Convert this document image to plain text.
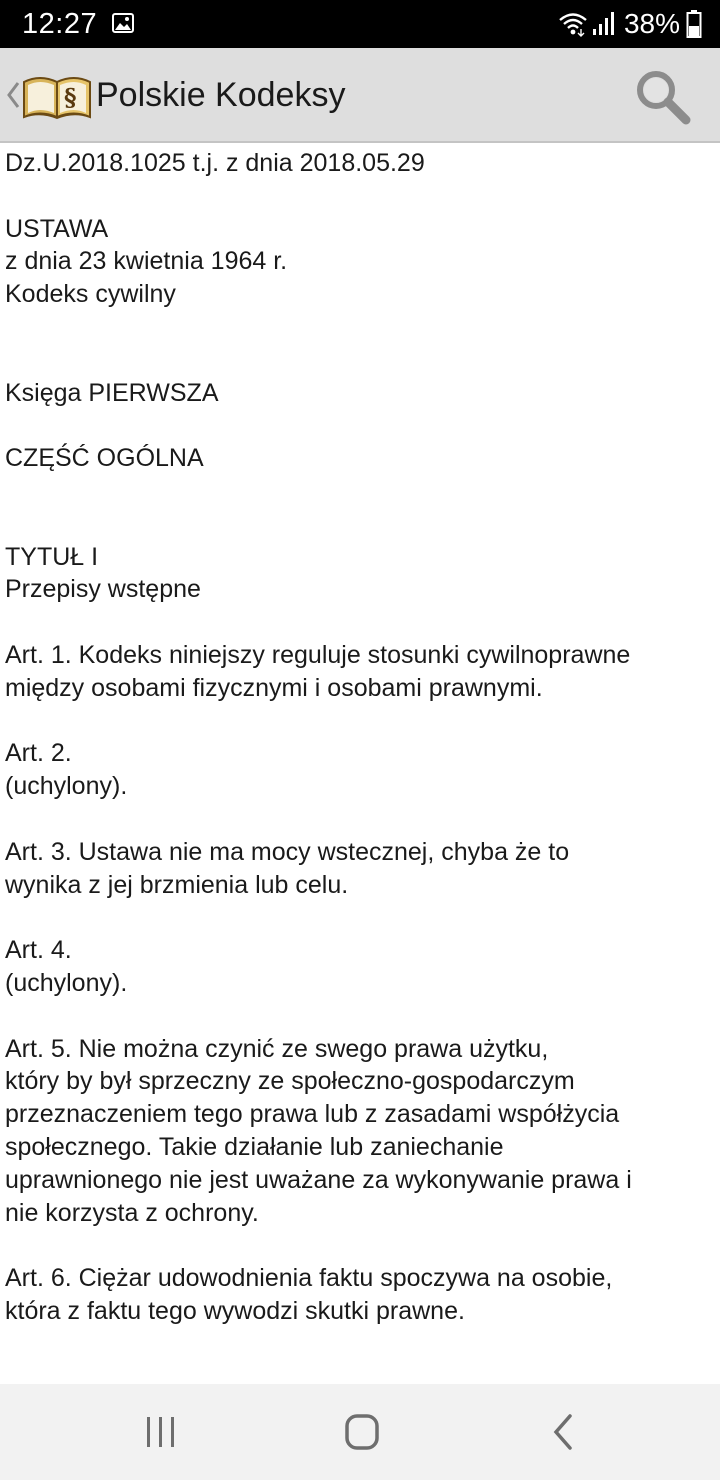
12:27	38%
§ Polskie Kodeksy

Dz.U.2018.1025 t.j. z dnia 2018.05.29

USTAWA

z dnia 23 kwietnia 1964 r.

Kodeks cywilny

Księga PIERWSZA

CZĘŚĆ OGÓLNA

TYTUŁ I

Przepisy wstępne

Art. 1. Kodeks niniejszy reguluje stosunki cywilnoprawne
między osobami fizycznymi i osobami prawnymi.

Art. 2.
(uchylony).

Art. 3. Ustawa nie ma mocy wstecznej, chyba że to
wynika z jej brzmienia lub celu.

Art. 4.
(uchylony).

Art. 5. Nie można czynić ze swego prawa użytku,
który by był sprzeczny ze społeczno-gospodarczym
przeznaczeniem tego prawa lub z zasadami współżycia
społecznego. Takie działanie lub zaniechanie
uprawnionego nie jest uważane za wykonywanie prawa i
nie korzysta z ochrony.

Art. 6. Ciężar udowodnienia faktu spoczywa na osobie,
która z faktu tego wywodzi skutki prawne.
